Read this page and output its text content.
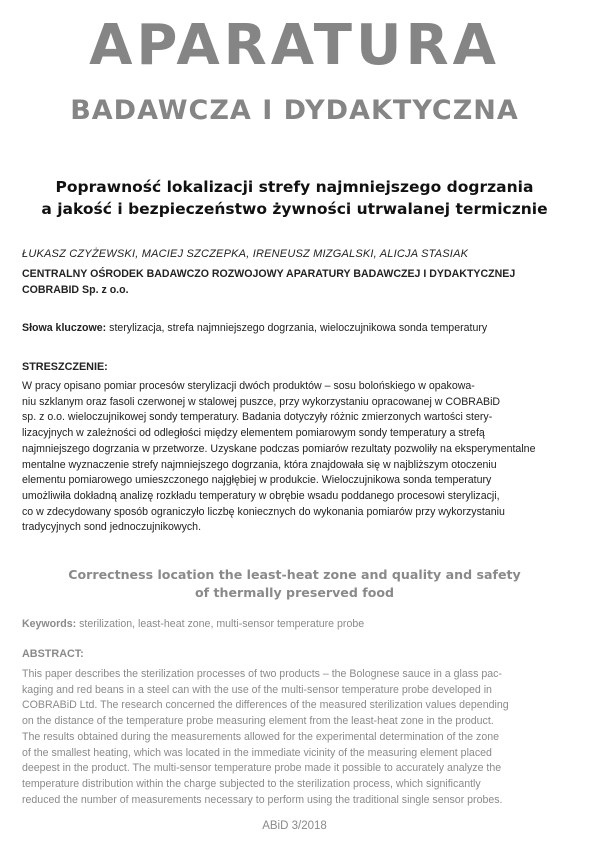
APARATURA
BADAWCZA I DYDAKTYCZNA
Poprawność lokalizacji strefy najmniejszego dogrzania
a jakość i bezpieczeństwo żywności utrwalanej termicznie
ŁUKASZ CZYŻEWSKI, MACIEJ SZCZEPKA, IRENEUSZ MIZGALSKI, ALICJA STASIAK
CENTRALNY OŚRODEK BADAWCZO ROZWOJOWY APARATURY BADAWCZEJ I DYDAKTYCZNEJ
COBRABID Sp. z o.o.
Słowa kluczowe: sterylizacja, strefa najmniejszego dogrzania, wieloczujnikowa sonda temperatury
STRESZCZENIE:
W pracy opisano pomiar procesów sterylizacji dwóch produktów – sosu bolońskiego w opakowa-
niu szklanym oraz fasoli czerwonej w stalowej puszce, przy wykorzystaniu opracowanej w COBRABiD
sp. z o.o. wieloczujnikowej sondy temperatury. Badania dotyczyły różnic zmierzonych wartości stery-
lizacyjnych w zależności od odległości między elementem pomiarowym sondy temperatury a strefą
najmniejszego dogrzania w przetworze. Uzyskane podczas pomiarów rezultaty pozwoliły na eksperymentalne
mentalne wyznaczenie strefy najmniejszego dogrzania, która znajdowała się w najbliższym otoczeniu
elementu pomiarowego umieszczonego najgłębiej w produkcie. Wieloczujnikowa sonda temperatury
umożliwiła dokładną analizę rozkładu temperatury w obrębie wsadu poddanego procesowi sterylizacji,
co w zdecydowany sposób ograniczyło liczbę koniecznych do wykonania pomiarów przy wykorzystaniu
tradycyjnych sond jednoczujnikowych.
Correctness location the least-heat zone and quality and safety
of thermally preserved food
Keywords: sterilization, least-heat zone, multi-sensor temperature probe
ABSTRACT:
This paper describes the sterilization processes of two products – the Bolognese sauce in a glass pac-
kaging and red beans in a steel can with the use of the multi-sensor temperature probe developed in
COBRABiD Ltd. The research concerned the differences of the measured sterilization values depending
on the distance of the temperature probe measuring element from the least-heat zone in the product.
The results obtained during the measurements allowed for the experimental determination of the zone
of the smallest heating, which was located in the immediate vicinity of the measuring element placed
deepest in the product. The multi-sensor temperature probe made it possible to accurately analyze the
temperature distribution within the charge subjected to the sterilization process, which significantly
reduced the number of measurements necessary to perform using the traditional single sensor probes.
ABiD 3/2018
